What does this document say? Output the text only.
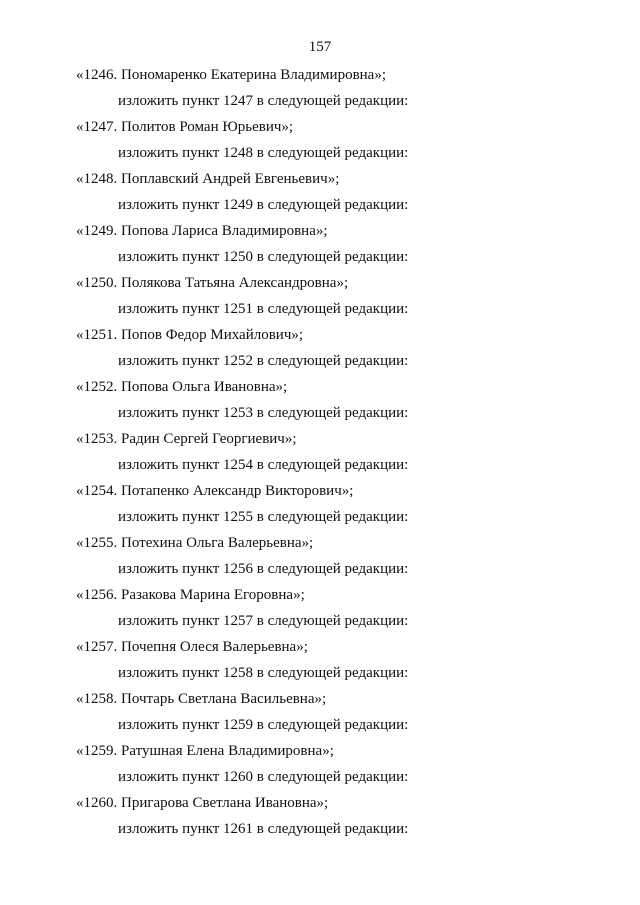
157
«1246. Пономаренко Екатерина Владимировна»;
изложить пункт 1247 в следующей редакции:
«1247. Политов Роман Юрьевич»;
изложить пункт 1248 в следующей редакции:
«1248. Поплавский Андрей Евгеньевич»;
изложить пункт 1249 в следующей редакции:
«1249. Попова Лариса Владимировна»;
изложить пункт 1250 в следующей редакции:
«1250. Полякова Татьяна Александровна»;
изложить пункт 1251 в следующей редакции:
«1251. Попов Федор Михайлович»;
изложить пункт 1252 в следующей редакции:
«1252. Попова Ольга Ивановна»;
изложить пункт 1253 в следующей редакции:
«1253. Радин Сергей Георгиевич»;
изложить пункт 1254 в следующей редакции:
«1254. Потапенко Александр Викторович»;
изложить пункт 1255 в следующей редакции:
«1255. Потехина Ольга Валерьевна»;
изложить пункт 1256 в следующей редакции:
«1256. Разакова Марина Егоровна»;
изложить пункт 1257 в следующей редакции:
«1257. Почепня Олеся Валерьевна»;
изложить пункт 1258 в следующей редакции:
«1258. Почтарь Светлана Васильевна»;
изложить пункт 1259 в следующей редакции:
«1259. Ратушная Елена Владимировна»;
изложить пункт 1260 в следующей редакции:
«1260. Пригарова Светлана Ивановна»;
изложить пункт 1261 в следующей редакции:
